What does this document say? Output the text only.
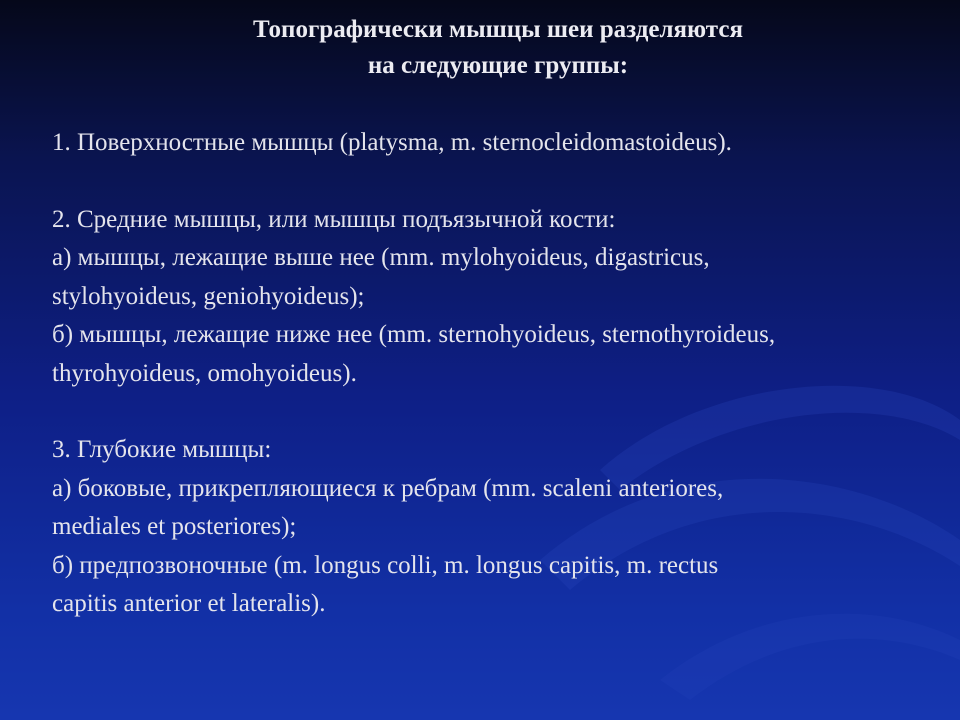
Топографически мышцы шеи разделяются
на следующие группы:

1. Поверхностные мышцы (platysma, m. sternocleidomastoideus).

2. Средние мышцы, или мышцы подъязычной кости:

а) мышцы, лежащие выше нее (mm. mylohyoideus, digastricus,

stylohyoideus, geniohyoideus);

б) мышцы, лежащие ниже нее (mm. sternohyoideus, sternothyroideus,

thyrohyoideus, omohyoideus).

3. Глубокие мышцы:

а) боковые, прикрепляющиеся к ребрам (mm. scaleni anteriores,

mediales et posteriores);

б) предпозвоночные (m. longus colli, m. longus capitis, m. rectus

capitis anterior et lateralis).
